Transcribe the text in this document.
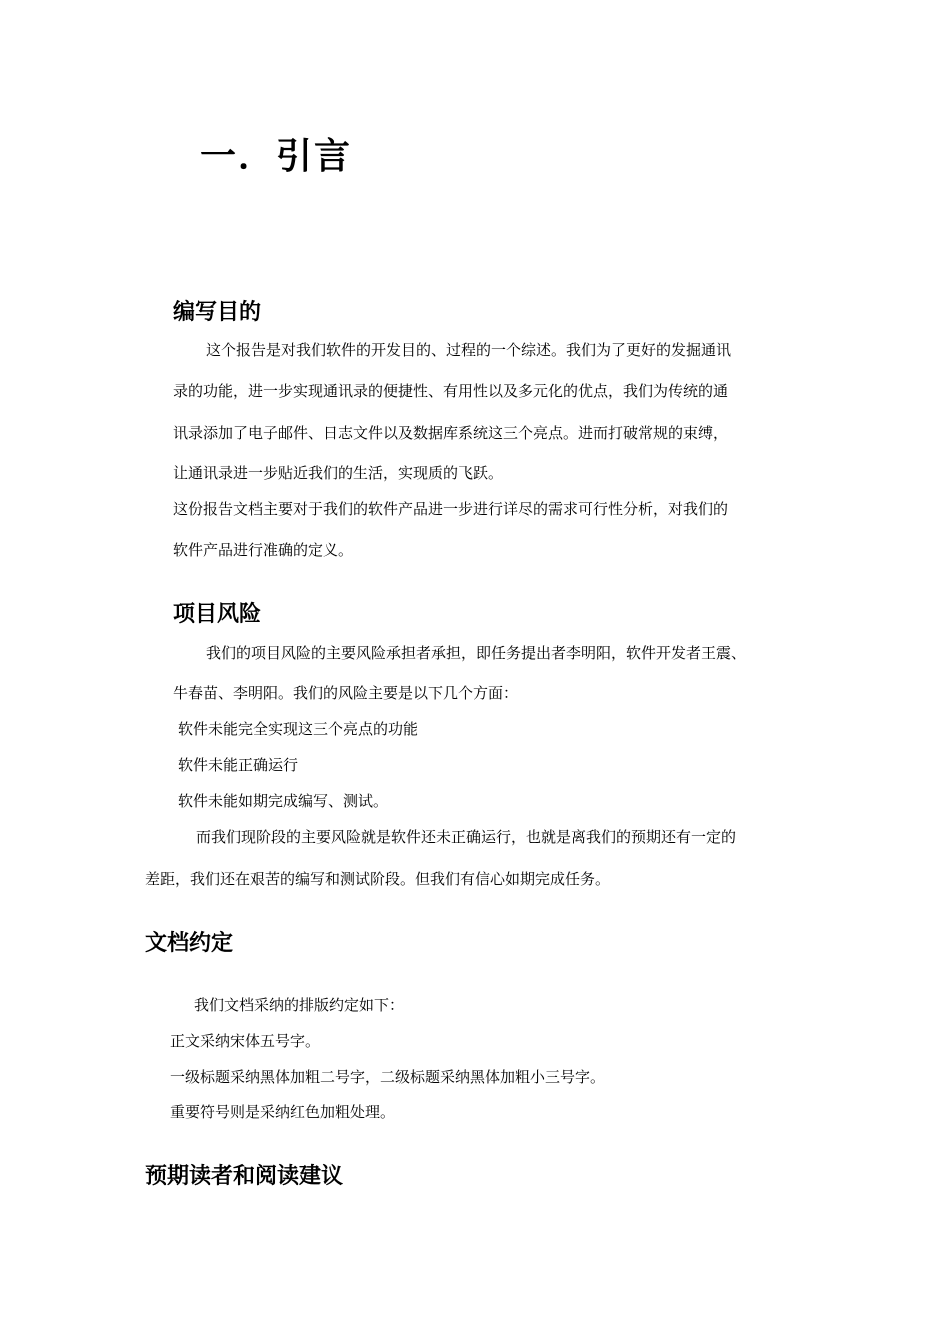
一．引言
编写目的

这个报告是对我们软件的开发目的、过程的一个综述。我们为了更好的发掘通讯

录的功能，进一步实现通讯录的便捷性、有用性以及多元化的优点，我们为传统的通

讯录添加了电子邮件、日志文件以及数据库系统这三个亮点。进而打破常规的束缚，

让通讯录进一步贴近我们的生活，实现质的飞跃。

这份报告文档主要对于我们的软件产品进一步进行详尽的需求可行性分析，对我们的

软件产品进行准确的定义。

项目风险

我们的项目风险的主要风险承担者承担，即任务提出者李明阳，软件开发者王震、

牛春苗、李明阳。我们的风险主要是以下几个方面：

软件未能完全实现这三个亮点的功能

软件未能正确运行

软件未能如期完成编写、测试。

而我们现阶段的主要风险就是软件还未正确运行，也就是离我们的预期还有一定的

差距，我们还在艰苦的编写和测试阶段。但我们有信心如期完成任务。

文档约定

我们文档采纳的排版约定如下：

正文采纳宋体五号字。

一级标题采纳黑体加粗二号字，二级标题采纳黑体加粗小三号字。

重要符号则是采纳红色加粗处理。

预期读者和阅读建议
